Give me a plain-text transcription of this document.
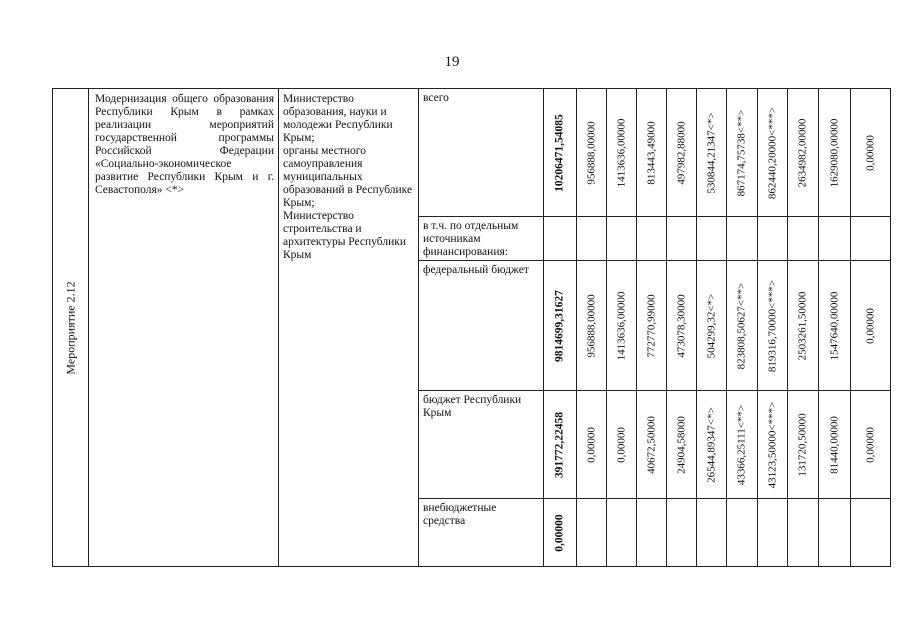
19
Мероприятие 2.12	Модернизация общего образования Республики Крым в рамках реализации мероприятий государственной программы Российской Федерации «Социально-экономическое развитие Республики Крым и г. Севастополя» <*>	Министерство образования, науки и молодежи Республики Крым;
органы местного самоуправления муниципальных образований в Республике Крым;
Министерство строительства и архитектуры Республики Крым	всего	10206471,54085	956888,00000	1413636,00000	813443,49000	497982,88000	530844,21347<*>	867174,75738<**>	862440,20000<***>	2634982,00000	1629080,00000	0,00000

			в т.ч. по отдельным источникам финансирования:											

			федеральный бюджет	9814699,31627	956888,00000	1413636,00000	772770,99000	473078,30000	504299,32<*>	823808,50627<**>	819316,70000<***>	2503261,50000	1547640,00000	0,00000

			бюджет Республики Крым	391772,22458	0,00000	0,00000	40672,50000	24904,58000	26544,89347<*>	43366,25111<**>	43123,50000<***>	131720,50000	81440,00000	0,00000

			внебюджетные средства	0,00000										
